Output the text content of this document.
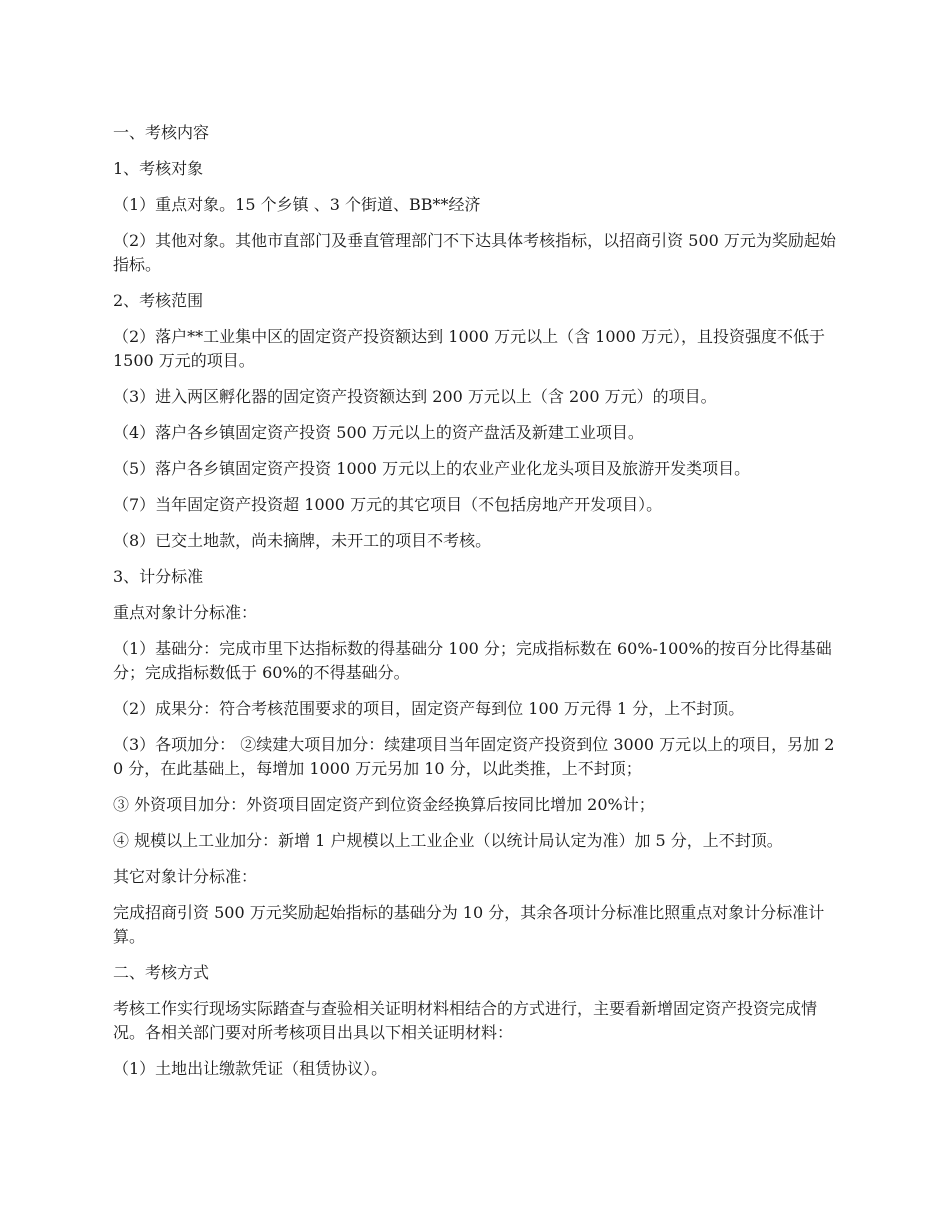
一、考核内容

1、考核对象

（1）重点对象。15 个乡镇 、3 个街道、BB**经济

（2）其他对象。其他市直部门及垂直管理部门不下达具体考核指标，以招商引资 500 万元为奖励起始指标。

2、考核范围

（2）落户**工业集中区的固定资产投资额达到 1000 万元以上（含 1000 万元），且投资强度不低于 1500 万元的项目。

（3）进入两区孵化器的固定资产投资额达到 200 万元以上（含 200 万元）的项目。

（4）落户各乡镇固定资产投资 500 万元以上的资产盘活及新建工业项目。

（5）落户各乡镇固定资产投资 1000 万元以上的农业产业化龙头项目及旅游开发类项目。

（7）当年固定资产投资超 1000 万元的其它项目（不包括房地产开发项目）。

（8）已交土地款，尚未摘牌，未开工的项目不考核。

3、计分标准

重点对象计分标准：

（1）基础分：完成市里下达指标数的得基础分 100 分；完成指标数在 60%-100%的按百分比得基础分；完成指标数低于 60%的不得基础分。

（2）成果分：符合考核范围要求的项目，固定资产每到位 100 万元得 1 分，上不封顶。

（3）各项加分： ②续建大项目加分：续建项目当年固定资产投资到位 3000 万元以上的项目，另加 20 分，在此基础上，每增加 1000 万元另加 10 分，以此类推，上不封顶；

③ 外资项目加分：外资项目固定资产到位资金经换算后按同比增加 20%计；

④ 规模以上工业加分：新增 1 户规模以上工业企业（以统计局认定为准）加 5 分，上不封顶。

其它对象计分标准：

完成招商引资 500 万元奖励起始指标的基础分为 10 分，其余各项计分标准比照重点对象计分标准计算。

二、考核方式

考核工作实行现场实际踏查与查验相关证明材料相结合的方式进行，主要看新增固定资产投资完成情况。各相关部门要对所考核项目出具以下相关证明材料：

（1）土地出让缴款凭证（租赁协议）。
